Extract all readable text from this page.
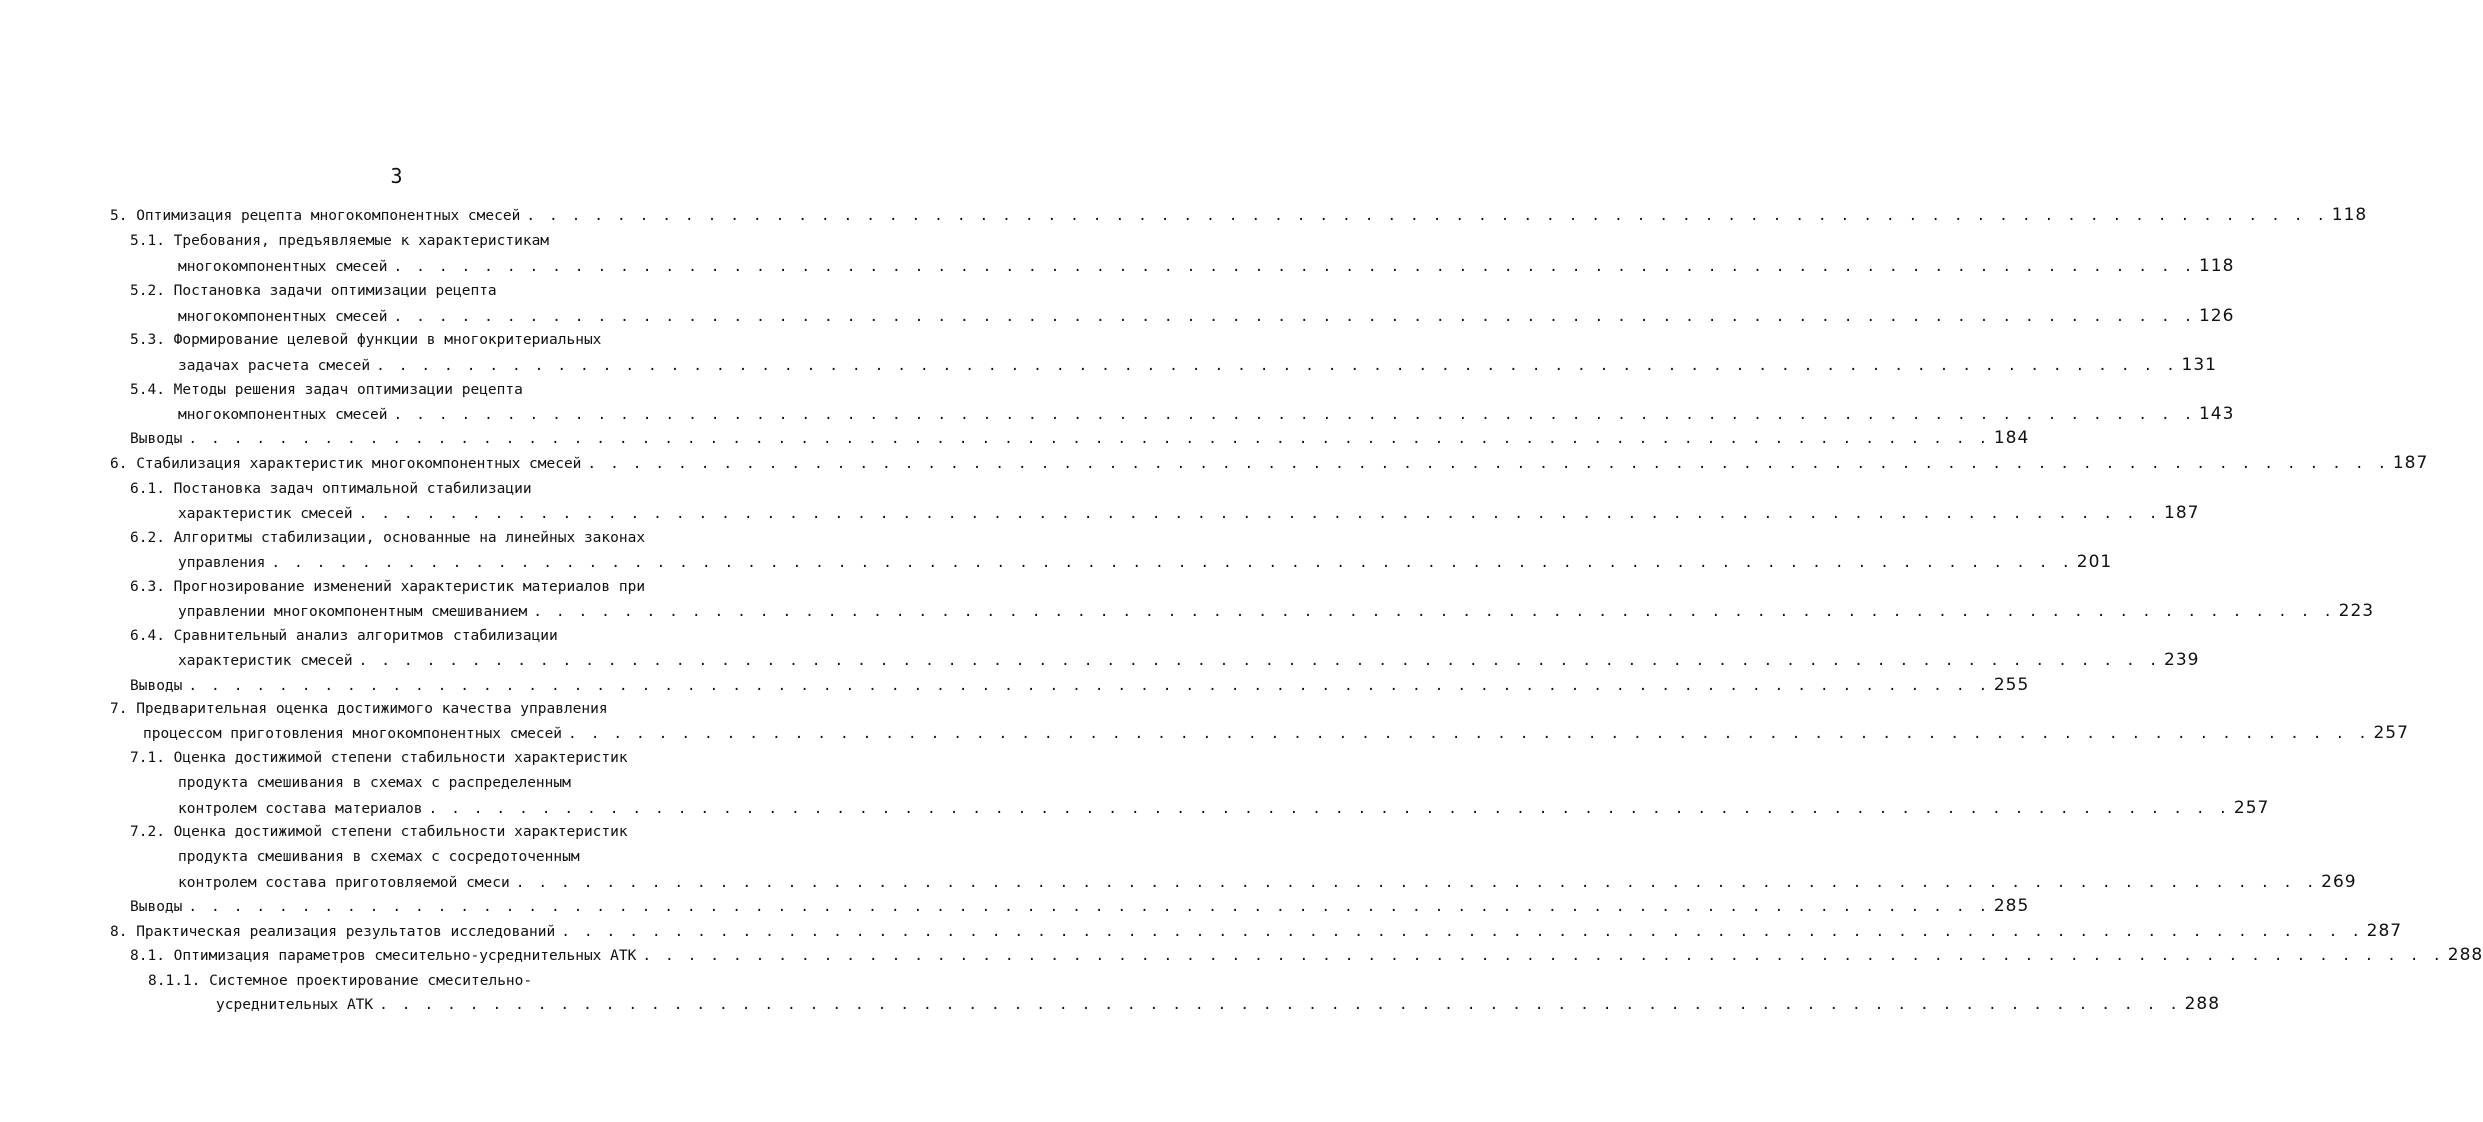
3
5. Оптимизация рецепта многокомпонентных смесей . . . . . . . . . . . . . . . . . . . . . . . . . . . . . . . . . . . . . . . . . . . . . . . . . . . . . . . . . . . . . . . . . . . . . . . . . . . . . . . . 118
5.1. Требования, предъявляемые к характеристикам
многокомпонентных смесей . . . . . . . . . . . . . . . . . . . . . . . . . . . . . . . . . . . . . . . . . . . . . . . . . . . . . . . . . . . . . . . . . . . . . . . . . . . . . . . . 118
5.2. Постановка задачи оптимизации рецепта
многокомпонентных смесей . . . . . . . . . . . . . . . . . . . . . . . . . . . . . . . . . . . . . . . . . . . . . . . . . . . . . . . . . . . . . . . . . . . . . . . . . . . . . . . . 126
5.3. Формирование целевой функции в многокритериальных
задачах расчета смесей . . . . . . . . . . . . . . . . . . . . . . . . . . . . . . . . . . . . . . . . . . . . . . . . . . . . . . . . . . . . . . . . . . . . . . . . . . . . . . . . 131
5.4. Методы решения задач оптимизации рецепта
многокомпонентных смесей . . . . . . . . . . . . . . . . . . . . . . . . . . . . . . . . . . . . . . . . . . . . . . . . . . . . . . . . . . . . . . . . . . . . . . . . . . . . . . . . 143
Выводы . . . . . . . . . . . . . . . . . . . . . . . . . . . . . . . . . . . . . . . . . . . . . . . . . . . . . . . . . . . . . . . . . . . . . . . . . . . . . . . . 184
6. Стабилизация характеристик многокомпонентных смесей . . . . . . . . . . . . . . . . . . . . . . . . . . . . . . . . . . . . . . . . . . . . . . . . . . . . . . . . . . . . . . . . . . . . . . . . . . . . . . . . 187
6.1. Постановка задач оптимальной стабилизации
характеристик смесей . . . . . . . . . . . . . . . . . . . . . . . . . . . . . . . . . . . . . . . . . . . . . . . . . . . . . . . . . . . . . . . . . . . . . . . . . . . . . . . . 187
6.2. Алгоритмы стабилизации, основанные на линейных законах
управления . . . . . . . . . . . . . . . . . . . . . . . . . . . . . . . . . . . . . . . . . . . . . . . . . . . . . . . . . . . . . . . . . . . . . . . . . . . . . . . . 201
6.3. Прогнозирование изменений характеристик материалов при
управлении многокомпонентным смешиванием . . . . . . . . . . . . . . . . . . . . . . . . . . . . . . . . . . . . . . . . . . . . . . . . . . . . . . . . . . . . . . . . . . . . . . . . . . . . . . . . 223
6.4. Сравнительный анализ алгоритмов стабилизации
характеристик смесей . . . . . . . . . . . . . . . . . . . . . . . . . . . . . . . . . . . . . . . . . . . . . . . . . . . . . . . . . . . . . . . . . . . . . . . . . . . . . . . . 239
Выводы . . . . . . . . . . . . . . . . . . . . . . . . . . . . . . . . . . . . . . . . . . . . . . . . . . . . . . . . . . . . . . . . . . . . . . . . . . . . . . . . 255
7. Предварительная оценка достижимого качества управления
процессом приготовления многокомпонентных смесей . . . . . . . . . . . . . . . . . . . . . . . . . . . . . . . . . . . . . . . . . . . . . . . . . . . . . . . . . . . . . . . . . . . . . . . . . . . . . . . . 257
7.1. Оценка достижимой степени стабильности характеристик
продукта смешивания в схемах с распределенным
контролем состава материалов . . . . . . . . . . . . . . . . . . . . . . . . . . . . . . . . . . . . . . . . . . . . . . . . . . . . . . . . . . . . . . . . . . . . . . . . . . . . . . . . 257
7.2. Оценка достижимой степени стабильности характеристик
продукта смешивания в схемах с сосредоточенным
контролем состава приготовляемой смеси . . . . . . . . . . . . . . . . . . . . . . . . . . . . . . . . . . . . . . . . . . . . . . . . . . . . . . . . . . . . . . . . . . . . . . . . . . . . . . . . 269
Выводы . . . . . . . . . . . . . . . . . . . . . . . . . . . . . . . . . . . . . . . . . . . . . . . . . . . . . . . . . . . . . . . . . . . . . . . . . . . . . . . . 285
8. Практическая реализация результатов исследований . . . . . . . . . . . . . . . . . . . . . . . . . . . . . . . . . . . . . . . . . . . . . . . . . . . . . . . . . . . . . . . . . . . . . . . . . . . . . . . . 287
8.1. Оптимизация параметров смесительно-усреднительных АТК . . . . . . . . . . . . . . . . . . . . . . . . . . . . . . . . . . . . . . . . . . . . . . . . . . . . . . . . . . . . . . . . . . . . . . . . . . . . . . . . 288
8.1.1. Системное проектирование смесительно-
усреднительных АТК . . . . . . . . . . . . . . . . . . . . . . . . . . . . . . . . . . . . . . . . . . . . . . . . . . . . . . . . . . . . . . . . . . . . . . . . . . . . . . . . 288
